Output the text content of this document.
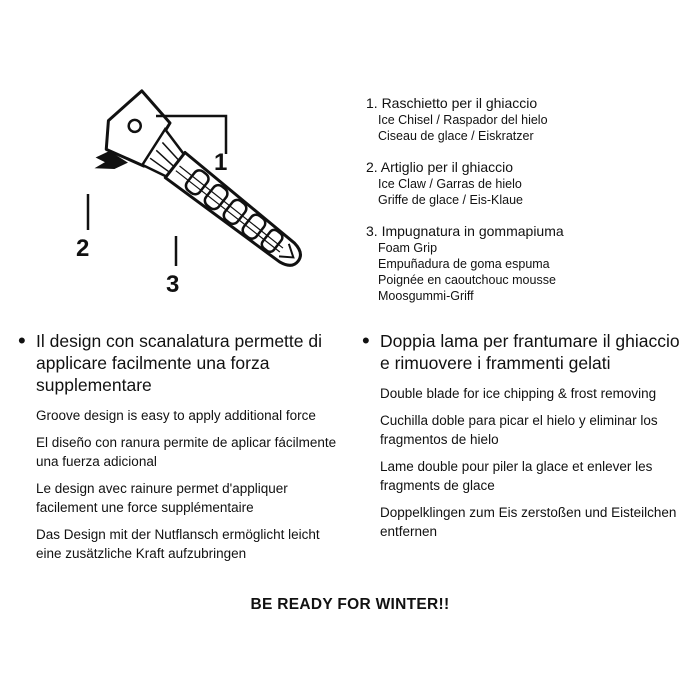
1
2
3
1. Raschietto per il ghiaccio
Ice Chisel / Raspador del hielo
Ciseau de glace / Eiskratzer
2. Artiglio per il ghiaccio
Ice Claw / Garras de hielo
Griffe de glace / Eis-Klaue
3. Impugnatura in gommapiuma
Foam Grip
Empuñadura de goma espuma
Poignée en caoutchouc mousse
Moosgummi-Griff
• Il design con scanalatura permette di applicare facilmente una forza supplementare
Groove design is easy to apply additional force
El diseño con ranura permite de aplicar fácilmente una fuerza adicional
Le design avec rainure permet d'appliquer facilement une force supplémentaire
Das Design mit der Nutflansch ermöglicht leicht eine zusätzliche Kraft aufzubringen
• Doppia lama per frantumare il ghiaccio e rimuovere i frammenti gelati
Double blade for ice chipping & frost removing
Cuchilla doble para picar el hielo y eliminar los fragmentos de hielo
Lame double pour piler la glace et enlever les fragments de glace
Doppelklingen zum Eis zerstoßen und Eisteilchen entfernen
BE READY FOR WINTER!!
